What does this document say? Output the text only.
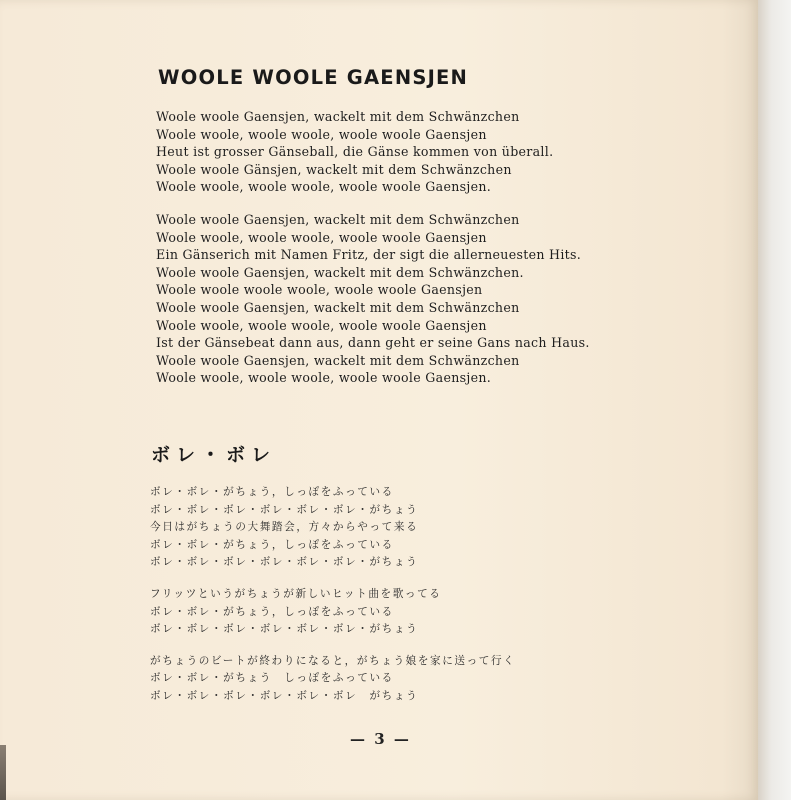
WOOLE WOOLE GAENSJEN
Woole woole Gaensjen, wackelt mit dem Schwänzchen
Woole woole, woole woole, woole woole Gaensjen
Heut ist grosser Gänseball, die Gänse kommen von überall.
Woole woole Gänsjen, wackelt mit dem Schwänzchen
Woole woole, woole woole, woole woole Gaensjen.
Woole woole Gaensjen, wackelt mit dem Schwänzchen
Woole woole, woole woole, woole woole Gaensjen
Ein Gänserich mit Namen Fritz, der sigt die allerneuesten Hits.
Woole woole Gaensjen, wackelt mit dem Schwänzchen.
Woole woole woole woole, woole woole Gaensjen
Woole woole Gaensjen, wackelt mit dem Schwänzchen
Woole woole, woole woole, woole woole Gaensjen
Ist der Gänsebeat dann aus, dann geht er seine Gans nach Haus.
Woole woole Gaensjen, wackelt mit dem Schwänzchen
Woole woole, woole woole, woole woole Gaensjen.
ボレ・ボレ
ボレ・ボレ・がちょう，しっぽをふっている
ボレ・ボレ・ボレ・ボレ・ボレ・ボレ・がちょう
今日はがちょうの大舞踏会，方々からやって来る
ボレ・ボレ・がちょう，しっぽをふっている
ボレ・ボレ・ボレ・ボレ・ボレ・ボレ・がちょう
フリッツというがちょうが新しいヒット曲を歌ってる
ボレ・ボレ・がちょう，しっぽをふっている
ボレ・ボレ・ボレ・ボレ・ボレ・ボレ・がちょう
がちょうのビートが終わりになると，がちょう娘を家に送って行く
ボレ・ボレ・がちょう　しっぽをふっている
ボレ・ボレ・ボレ・ボレ・ボレ・ボレ　がちょう
— 3 —
